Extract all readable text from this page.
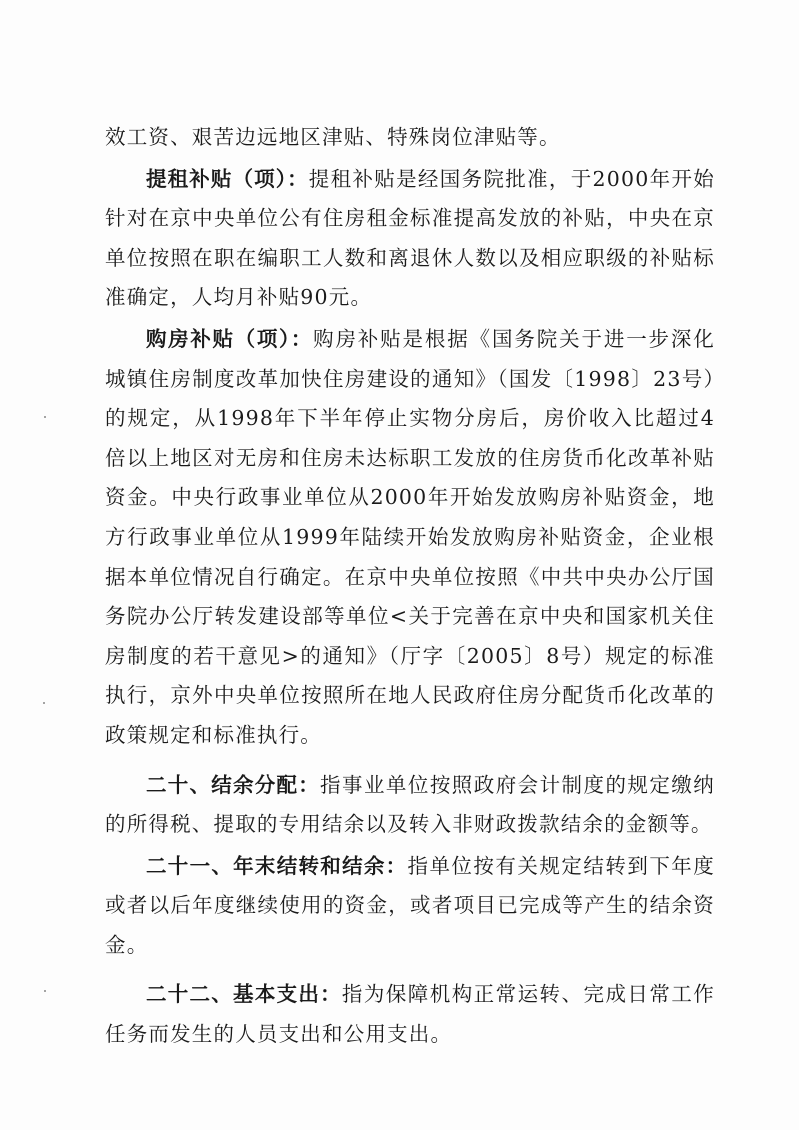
效工资、艰苦边远地区津贴、特殊岗位津贴等。

提租补贴（项）：提租补贴是经国务院批准，于2000年开始针对在京中央单位公有住房租金标准提高发放的补贴，中央在京单位按照在职在编职工人数和离退休人数以及相应职级的补贴标准确定，人均月补贴90元。

购房补贴（项）：购房补贴是根据《国务院关于进一步深化城镇住房制度改革加快住房建设的通知》（国发〔1998〕23号）的规定，从1998年下半年停止实物分房后，房价收入比超过4倍以上地区对无房和住房未达标职工发放的住房货币化改革补贴资金。中央行政事业单位从2000年开始发放购房补贴资金，地方行政事业单位从1999年陆续开始发放购房补贴资金，企业根据本单位情况自行确定。在京中央单位按照《中共中央办公厅国务院办公厅转发建设部等单位<关于完善在京中央和国家机关住房制度的若干意见>的通知》（厅字〔2005〕8号）规定的标准执行，京外中央单位按照所在地人民政府住房分配货币化改革的政策规定和标准执行。

二十、结余分配：指事业单位按照政府会计制度的规定缴纳的所得税、提取的专用结余以及转入非财政拨款结余的金额等。

二十一、年末结转和结余：指单位按有关规定结转到下年度或者以后年度继续使用的资金，或者项目已完成等产生的结余资金。

二十二、基本支出：指为保障机构正常运转、完成日常工作任务而发生的人员支出和公用支出。
